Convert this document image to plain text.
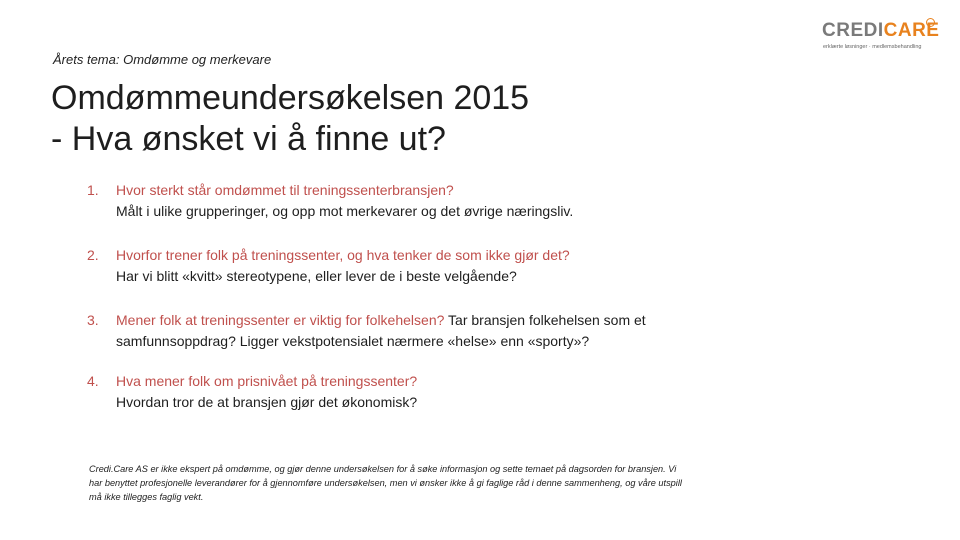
Årets tema: Omdømme og merkevare
Omdømmeundersøkelsen 2015
- Hva ønsket vi å finne ut?
CREDICARE
erklærte løsninger · medlemsbehandling
1. Hvor sterkt står omdømmet til treningssenterbransjen?
Målt i ulike grupperinger, og opp mot merkevarer og det øvrige næringsliv.
2. Hvorfor trener folk på treningssenter, og hva tenker de som ikke gjør det?
Har vi blitt «kvitt» stereotypene, eller lever de i beste velgående?
3. Mener folk at treningssenter er viktig for folkehelsen? Tar bransjen folkehelsen som et samfunnsoppdrag? Ligger vekstpotensialet nærmere «helse» enn «sporty»?
4. Hva mener folk om prisnivået på treningssenter?
Hvordan tror de at bransjen gjør det økonomisk?
Credi.Care AS er ikke ekspert på omdømme, og gjør denne undersøkelsen for å søke informasjon og sette temaet på dagsorden for bransjen. Vi har benyttet profesjonelle leverandører for å gjennomføre undersøkelsen, men vi ønsker ikke å gi faglige råd i denne sammenheng, og våre utspill må ikke tillegges faglig vekt.
